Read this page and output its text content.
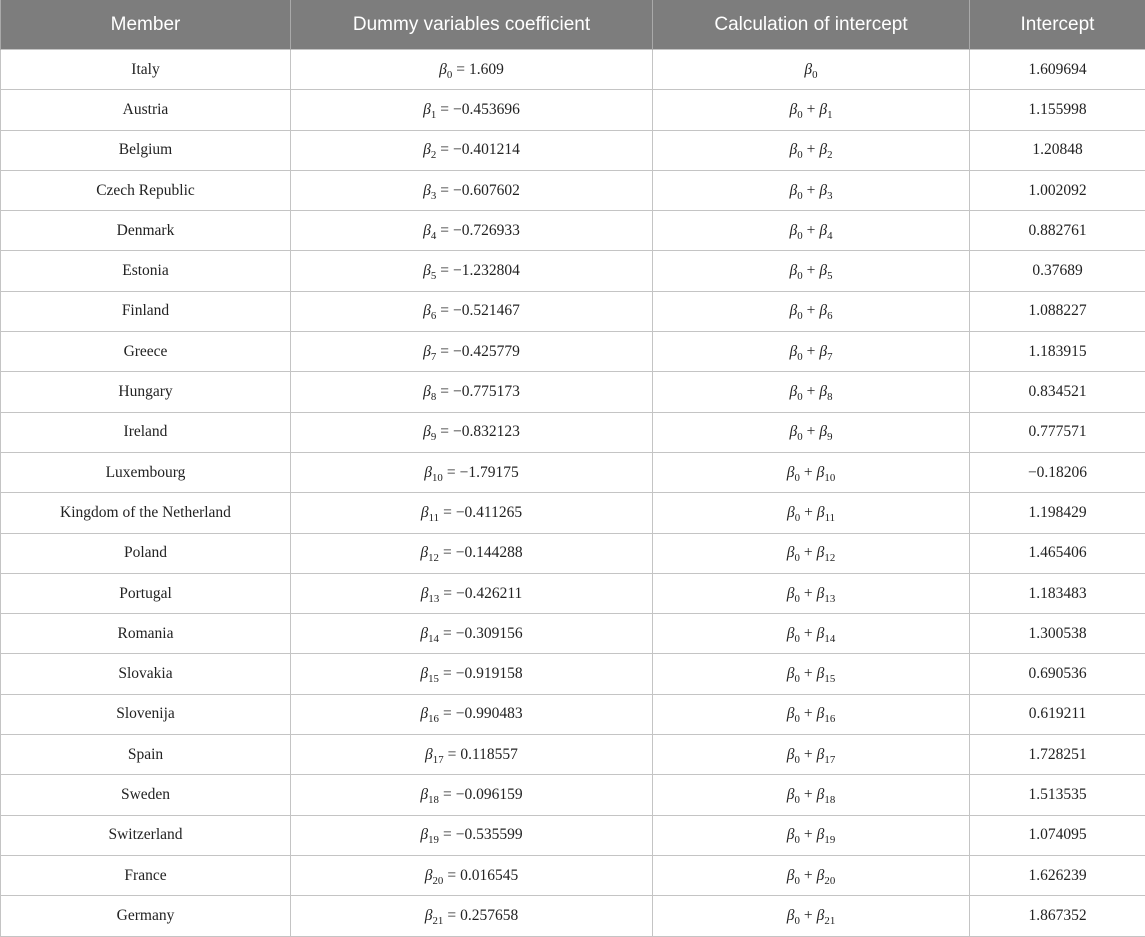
Member	Dummy variables coefficient	Calculation of intercept	Intercept
Italy	$\beta_0 = 1.609$	$\beta_0$	1.609694
Austria	$\beta_1 = -0.453696$	$\beta_0 + \beta_1$	1.155998
Belgium	$\beta_2 = -0.401214$	$\beta_0 + \beta_2$	1.20848
Czech Republic	$\beta_3 = -0.607602$	$\beta_0 + \beta_3$	1.002092
Denmark	$\beta_4 = -0.726933$	$\beta_0 + \beta_4$	0.882761
Estonia	$\beta_5 = -1.232804$	$\beta_0 + \beta_5$	0.37689
Finland	$\beta_6 = -0.521467$	$\beta_0 + \beta_6$	1.088227
Greece	$\beta_7 = -0.425779$	$\beta_0 + \beta_7$	1.183915
Hungary	$\beta_8 = -0.775173$	$\beta_0 + \beta_8$	0.834521
Ireland	$\beta_9 = -0.832123$	$\beta_0 + \beta_9$	0.777571
Luxembourg	$\beta_{10} = -1.79175$	$\beta_0 + \beta_{10}$	−0.18206
Kingdom of the Netherland	$\beta_{11} = -0.411265$	$\beta_0 + \beta_{11}$	1.198429
Poland	$\beta_{12} = -0.144288$	$\beta_0 + \beta_{12}$	1.465406
Portugal	$\beta_{13} = -0.426211$	$\beta_0 + \beta_{13}$	1.183483
Romania	$\beta_{14} = -0.309156$	$\beta_0 + \beta_{14}$	1.300538
Slovakia	$\beta_{15} = -0.919158$	$\beta_0 + \beta_{15}$	0.690536
Slovenija	$\beta_{16} = -0.990483$	$\beta_0 + \beta_{16}$	0.619211
Spain	$\beta_{17} = 0.118557$	$\beta_0 + \beta_{17}$	1.728251
Sweden	$\beta_{18} = -0.096159$	$\beta_0 + \beta_{18}$	1.513535
Switzerland	$\beta_{19} = -0.535599$	$\beta_0 + \beta_{19}$	1.074095
France	$\beta_{20} = 0.016545$	$\beta_0 + \beta_{20}$	1.626239
Germany	$\beta_{21} = 0.257658$	$\beta_0 + \beta_{21}$	1.867352
